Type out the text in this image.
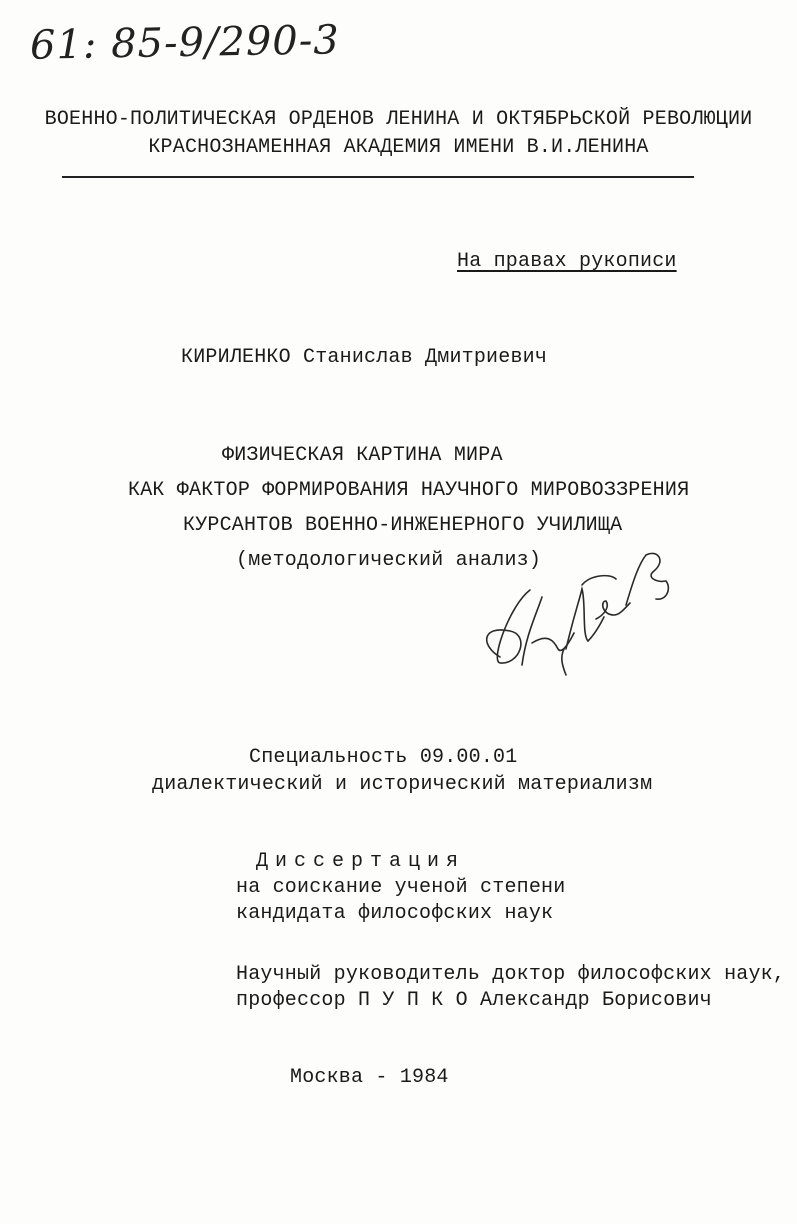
61: 85-9/290-3
ВОЕННО-ПОЛИТИЧЕСКАЯ ОРДЕНОВ ЛЕНИНА И ОКТЯБРЬСКОЙ РЕВОЛЮЦИИ
КРАСНОЗНАМЕННАЯ АКАДЕМИЯ ИМЕНИ В.И.ЛЕНИНА
На правах рукописи
КИРИЛЕНКО Станислав Дмитриевич
ФИЗИЧЕСКАЯ КАРТИНА МИРА
КАК ФАКТОР ФОРМИРОВАНИЯ НАУЧНОГО МИРОВОЗЗРЕНИЯ
КУРСАНТОВ ВОЕННО-ИНЖЕНЕРНОГО УЧИЛИЩА
(методологический анализ)
Специальность 09.00.01
диалектический и исторический материализм
Диссертация
на соискание ученой степени
кандидата философских наук
Научный руководитель доктор философских наук,
профессор П У П К О Александр Борисович
Москва - 1984
